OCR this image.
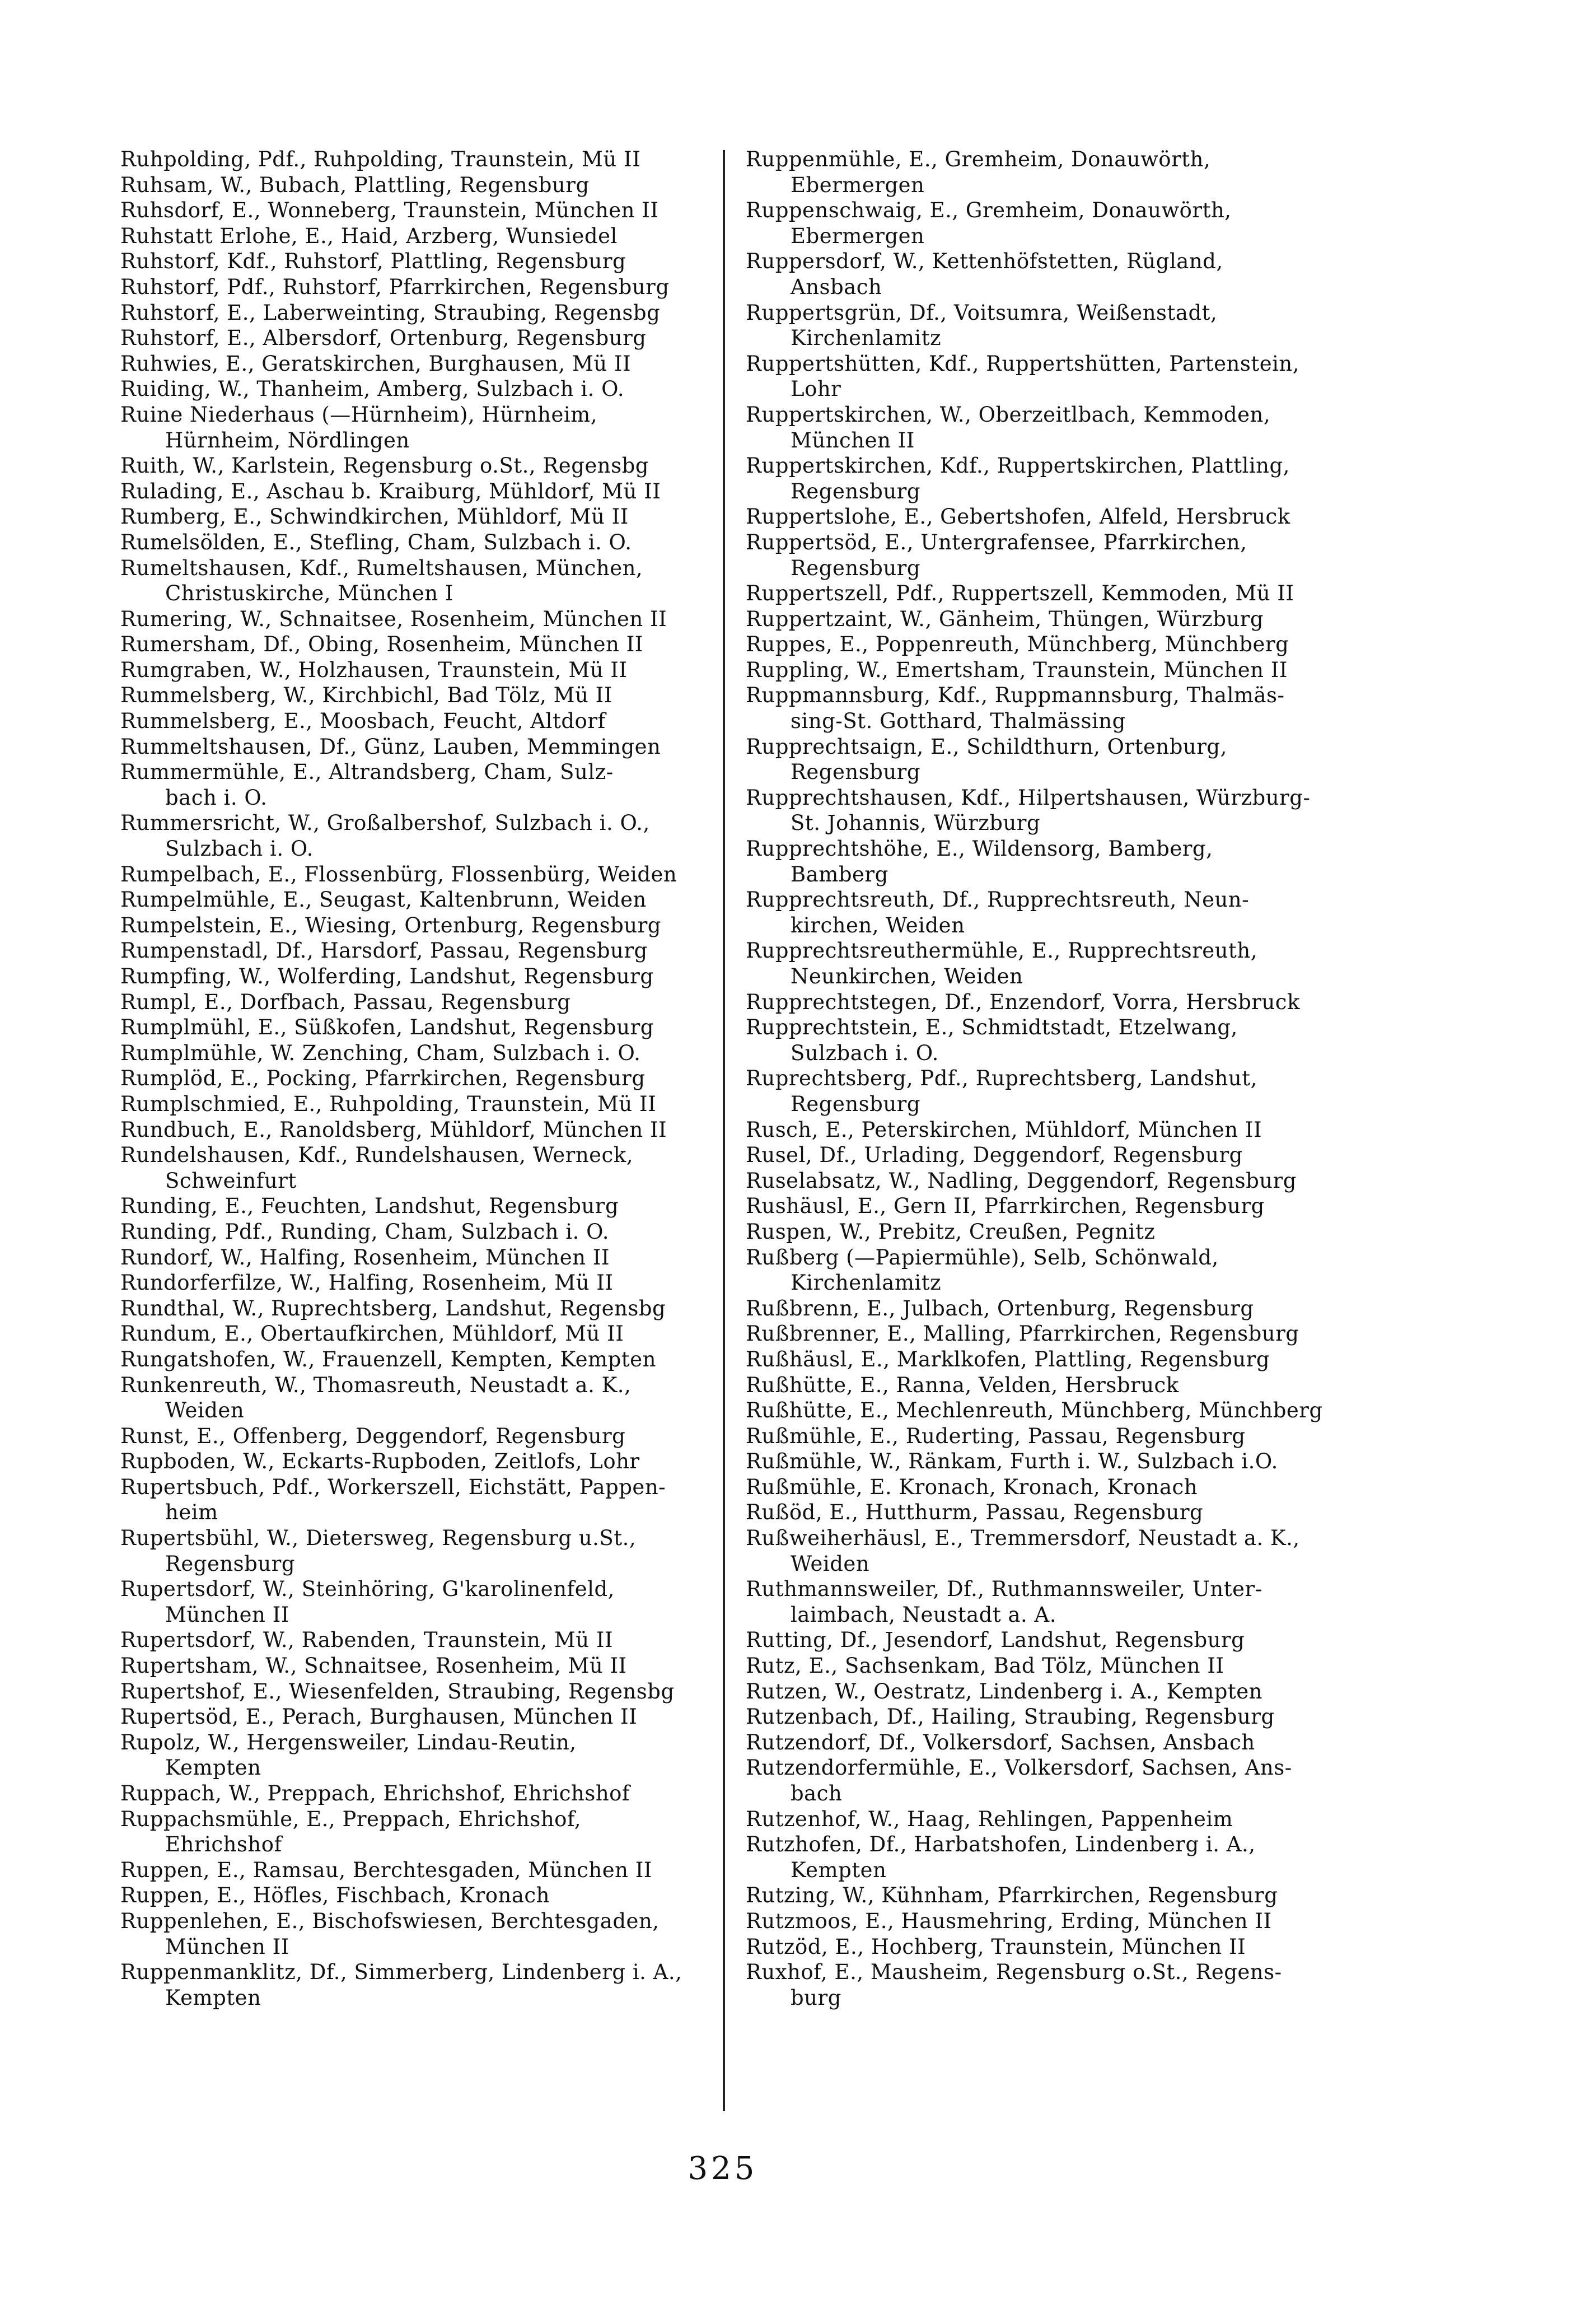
Ruhpolding, Pdf., Ruhpolding, Traunstein, Mü II
Ruhsam, W., Bubach, Plattling, Regensburg
Ruhsdorf, E., Wonneberg, Traunstein, München II
Ruhstatt Erlohe, E., Haid, Arzberg, Wunsiedel
Ruhstorf, Kdf., Ruhstorf, Plattling, Regensburg
Ruhstorf, Pdf., Ruhstorf, Pfarrkirchen, Regensburg
Ruhstorf, E., Laberweinting, Straubing, Regensbg
Ruhstorf, E., Albersdorf, Ortenburg, Regensburg
Ruhwies, E., Geratskirchen, Burghausen, Mü II
Ruiding, W., Thanheim, Amberg, Sulzbach i. O.
Ruine Niederhaus (—Hürnheim), Hürnheim,
Hürnheim, Nördlingen
Ruith, W., Karlstein, Regensburg o.St., Regensbg
Rulading, E., Aschau b. Kraiburg, Mühldorf, Mü II
Rumberg, E., Schwindkirchen, Mühldorf, Mü II
Rumelsölden, E., Stefling, Cham, Sulzbach i. O.
Rumeltshausen, Kdf., Rumeltshausen, München,
Christuskirche, München I
Rumering, W., Schnaitsee, Rosenheim, München II
Rumersham, Df., Obing, Rosenheim, München II
Rumgraben, W., Holzhausen, Traunstein, Mü II
Rummelsberg, W., Kirchbichl, Bad Tölz, Mü II
Rummelsberg, E., Moosbach, Feucht, Altdorf
Rummeltshausen, Df., Günz, Lauben, Memmingen
Rummermühle, E., Altrandsberg, Cham, Sulz-
bach i. O.
Rummersricht, W., Großalbershof, Sulzbach i. O.,
Sulzbach i. O.
Rumpelbach, E., Flossenbürg, Flossenbürg, Weiden
Rumpelmühle, E., Seugast, Kaltenbrunn, Weiden
Rumpelstein, E., Wiesing, Ortenburg, Regensburg
Rumpenstadl, Df., Harsdorf, Passau, Regensburg
Rumpfing, W., Wolferding, Landshut, Regensburg
Rumpl, E., Dorfbach, Passau, Regensburg
Rumplmühl, E., Süßkofen, Landshut, Regensburg
Rumplmühle, W. Zenching, Cham, Sulzbach i. O.
Rumplöd, E., Pocking, Pfarrkirchen, Regensburg
Rumplschmied, E., Ruhpolding, Traunstein, Mü II
Rundbuch, E., Ranoldsberg, Mühldorf, München II
Rundelshausen, Kdf., Rundelshausen, Werneck,
Schweinfurt
Runding, E., Feuchten, Landshut, Regensburg
Runding, Pdf., Runding, Cham, Sulzbach i. O.
Rundorf, W., Halfing, Rosenheim, München II
Rundorferfilze, W., Halfing, Rosenheim, Mü II
Rundthal, W., Ruprechtsberg, Landshut, Regensbg
Rundum, E., Obertaufkirchen, Mühldorf, Mü II
Rungatshofen, W., Frauenzell, Kempten, Kempten
Runkenreuth, W., Thomasreuth, Neustadt a. K.,
Weiden
Runst, E., Offenberg, Deggendorf, Regensburg
Rupboden, W., Eckarts-Rupboden, Zeitlofs, Lohr
Rupertsbuch, Pdf., Workerszell, Eichstätt, Pappen-
heim
Rupertsbühl, W., Dietersweg, Regensburg u.St.,
Regensburg
Rupertsdorf, W., Steinhöring, G'karolinenfeld,
München II
Rupertsdorf, W., Rabenden, Traunstein, Mü II
Rupertsham, W., Schnaitsee, Rosenheim, Mü II
Rupertshof, E., Wiesenfelden, Straubing, Regensbg
Rupertsöd, E., Perach, Burghausen, München II
Rupolz, W., Hergensweiler, Lindau-Reutin,
Kempten
Ruppach, W., Preppach, Ehrichshof, Ehrichshof
Ruppachsmühle, E., Preppach, Ehrichshof,
Ehrichshof
Ruppen, E., Ramsau, Berchtesgaden, München II
Ruppen, E., Höfles, Fischbach, Kronach
Ruppenlehen, E., Bischofswiesen, Berchtesgaden,
München II
Ruppenmanklitz, Df., Simmerberg, Lindenberg i. A.,
Kempten
Ruppenmühle, E., Gremheim, Donauwörth,
Ebermergen
Ruppenschwaig, E., Gremheim, Donauwörth,
Ebermergen
Ruppersdorf, W., Kettenhöfstetten, Rügland,
Ansbach
Ruppertsgrün, Df., Voitsumra, Weißenstadt,
Kirchenlamitz
Ruppertshütten, Kdf., Ruppertshütten, Partenstein,
Lohr
Ruppertskirchen, W., Oberzeitlbach, Kemmoden,
München II
Ruppertskirchen, Kdf., Ruppertskirchen, Plattling,
Regensburg
Ruppertslohe, E., Gebertshofen, Alfeld, Hersbruck
Ruppertsöd, E., Untergrafensee, Pfarrkirchen,
Regensburg
Ruppertszell, Pdf., Ruppertszell, Kemmoden, Mü II
Ruppertzaint, W., Gänheim, Thüngen, Würzburg
Ruppes, E., Poppenreuth, Münchberg, Münchberg
Ruppling, W., Emertsham, Traunstein, München II
Ruppmannsburg, Kdf., Ruppmannsburg, Thalmäs-
sing-St. Gotthard, Thalmässing
Rupprechtsaign, E., Schildthurn, Ortenburg,
Regensburg
Rupprechtshausen, Kdf., Hilpertshausen, Würzburg-
St. Johannis, Würzburg
Rupprechtshöhe, E., Wildensorg, Bamberg,
Bamberg
Rupprechtsreuth, Df., Rupprechtsreuth, Neun-
kirchen, Weiden
Rupprechtsreuthermühle, E., Rupprechtsreuth,
Neunkirchen, Weiden
Rupprechtstegen, Df., Enzendorf, Vorra, Hersbruck
Rupprechtstein, E., Schmidtstadt, Etzelwang,
Sulzbach i. O.
Ruprechtsberg, Pdf., Ruprechtsberg, Landshut,
Regensburg
Rusch, E., Peterskirchen, Mühldorf, München II
Rusel, Df., Urlading, Deggendorf, Regensburg
Ruselabsatz, W., Nadling, Deggendorf, Regensburg
Rushäusl, E., Gern II, Pfarrkirchen, Regensburg
Ruspen, W., Prebitz, Creußen, Pegnitz
Rußberg (—Papiermühle), Selb, Schönwald,
Kirchenlamitz
Rußbrenn, E., Julbach, Ortenburg, Regensburg
Rußbrenner, E., Malling, Pfarrkirchen, Regensburg
Rußhäusl, E., Marklkofen, Plattling, Regensburg
Rußhütte, E., Ranna, Velden, Hersbruck
Rußhütte, E., Mechlenreuth, Münchberg, Münchberg
Rußmühle, E., Ruderting, Passau, Regensburg
Rußmühle, W., Ränkam, Furth i. W., Sulzbach i.O.
Rußmühle, E. Kronach, Kronach, Kronach
Rußöd, E., Hutthurm, Passau, Regensburg
Rußweiherhäusl, E., Tremmersdorf, Neustadt a. K.,
Weiden
Ruthmannsweiler, Df., Ruthmannsweiler, Unter-
laimbach, Neustadt a. A.
Rutting, Df., Jesendorf, Landshut, Regensburg
Rutz, E., Sachsenkam, Bad Tölz, München II
Rutzen, W., Oestratz, Lindenberg i. A., Kempten
Rutzenbach, Df., Hailing, Straubing, Regensburg
Rutzendorf, Df., Volkersdorf, Sachsen, Ansbach
Rutzendorfermühle, E., Volkersdorf, Sachsen, Ans-
bach
Rutzenhof, W., Haag, Rehlingen, Pappenheim
Rutzhofen, Df., Harbatshofen, Lindenberg i. A.,
Kempten
Rutzing, W., Kühnham, Pfarrkirchen, Regensburg
Rutzmoos, E., Hausmehring, Erding, München II
Rutzöd, E., Hochberg, Traunstein, München II
Ruxhof, E., Mausheim, Regensburg o.St., Regens-
burg
325
